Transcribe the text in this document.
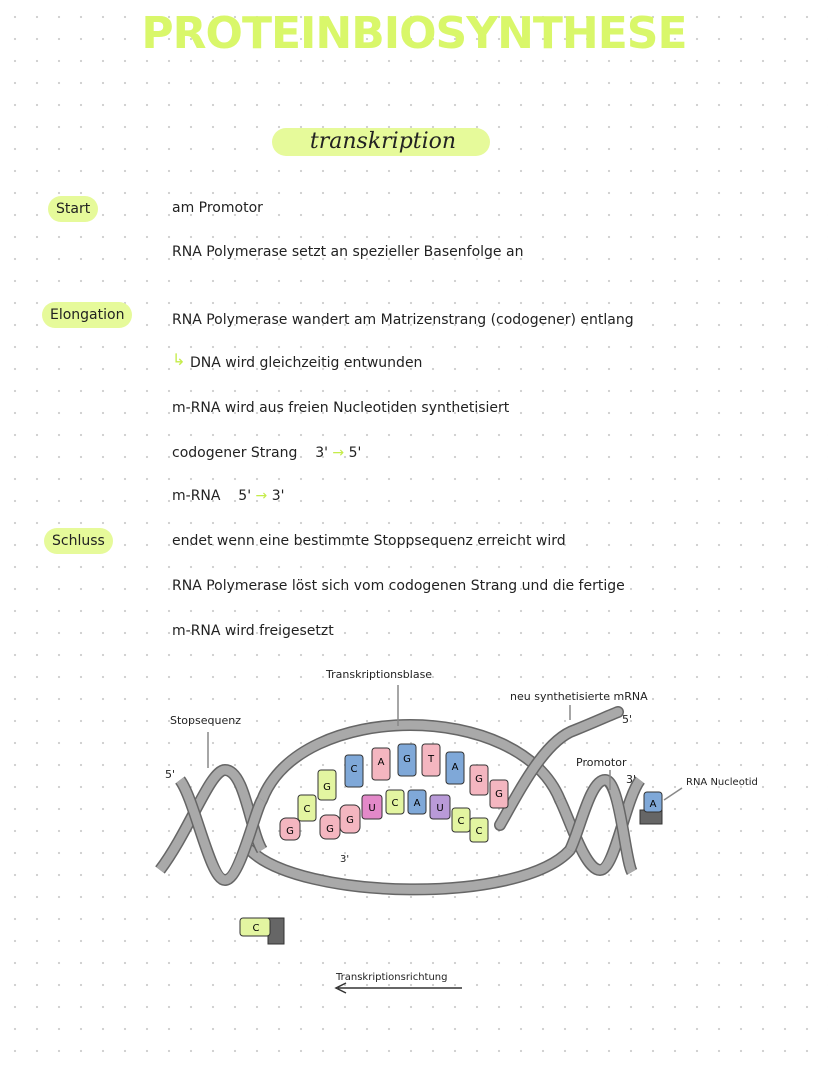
PROTEINBIOSYNTHESE
transkription
Start	am Promotor
RNA Polymerase setzt an spezieller Basenfolge an
Elongation	RNA Polymerase wandert am Matrizenstrang (codogener) entlang
↳ DNA wird gleichzeitig entwunden
m-RNA wird aus freien Nucleotiden synthetisiert
codogener Strang 3' → 5'
m-RNA 5' → 3'
Schluss	endet wenn eine bestimmte Stoppsequenz erreicht wird
RNA Polymerase löst sich vom codogenen Strang und die fertige
m-RNA wird freigesetzt
G
C
A G T
A
G
G
G
C
G
G
U C A U
C
C
A
C
Transkriptionsblase
neu synthetisierte mRNA
Stopsequenz
Promotor
RNA Nucleotid
5'
5'
3'
3'
Transkriptionsrichtung
